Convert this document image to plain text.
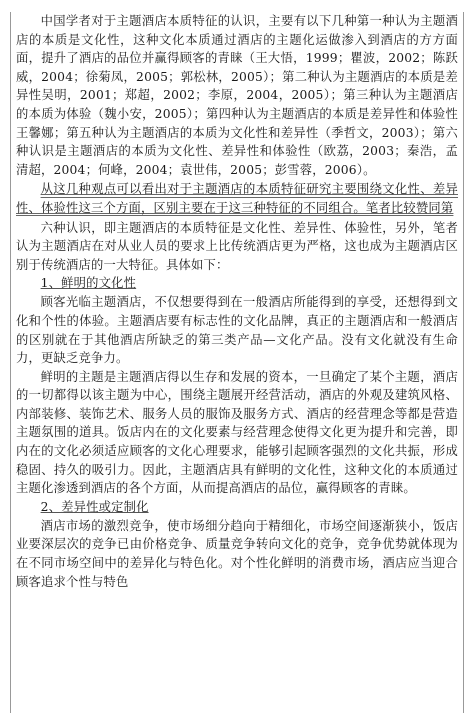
中国学者对于主题酒店本质特征的认识，主要有以下几种第一种认为主题酒店的本质是文化性，这种文化本质通过酒店的主题化运做渗入到酒店的方方面面，提升了酒店的品位并赢得顾客的青睐（王大悟，1999；瞿波，2002；陈跃威，2004；徐菊凤，2005；郭松林，2005）；第二种认为主题酒店的本质是差异性吴明，2001；郑超，2002；李原，2004，2005）；第三种认为主题酒店的本质为体验（魏小安，2005）；第四种认为主题酒店的本质是差异性和体验性王馨娜；第五种认为主题酒店的本质为文化性和差异性（季哲文，2003）；第六种认识是主题酒店的本质为文化性、差异性和体验性（欧荔，2003；秦浩，孟清超，2004；何峰，2004；袁世伟，2005；彭雪蓉，2006）。

从这几种观点可以看出对于主题酒店的本质特征研究主要围绕文化性、差异性、体验性这三个方面，区别主要在于这三种特征的不同组合。笔者比较赞同第

六种认识，即主题酒店的本质特征是文化性、差异性、体验性，另外，笔者认为主题酒店在对从业人员的要求上比传统酒店更为严格，这也成为主题酒店区别于传统酒店的一大特征。具体如下：

1、鲜明的文化性

顾客光临主题酒店，不仅想要得到在一般酒店所能得到的享受，还想得到文化和个性的体验。主题酒店要有标志性的文化品牌，真正的主题酒店和一般酒店的区别就在于其他酒店所缺乏的第三类产品—文化产品。没有文化就没有生命力，更缺乏竞争力。

鲜明的主题是主题酒店得以生存和发展的资本，一旦确定了某个主题，酒店的一切都得以该主题为中心，围绕主题展开经营活动，酒店的外观及建筑风格、内部装修、装饰艺术、服务人员的服饰及服务方式、酒店的经营理念等都是营造主题氛围的道具。饭店内在的文化要素与经营理念使得文化更为提升和完善，即内在的文化必须适应顾客的文化心理要求，能够引起顾客强烈的文化共振，形成稳固、持久的吸引力。因此，主题酒店具有鲜明的文化性，这种文化的本质通过主题化渗透到酒店的各个方面，从而提高酒店的品位，赢得顾客的青睐。

2、差异性或定制化

酒店市场的激烈竞争，使市场细分趋向于精细化，市场空间逐渐狭小，饭店业要深层次的竞争已由价格竞争、质量竞争转向文化的竞争，竞争优势就体现为在不同市场空间中的差异化与特色化。对个性化鲜明的消费市场，酒店应当迎合顾客追求个性与特色
